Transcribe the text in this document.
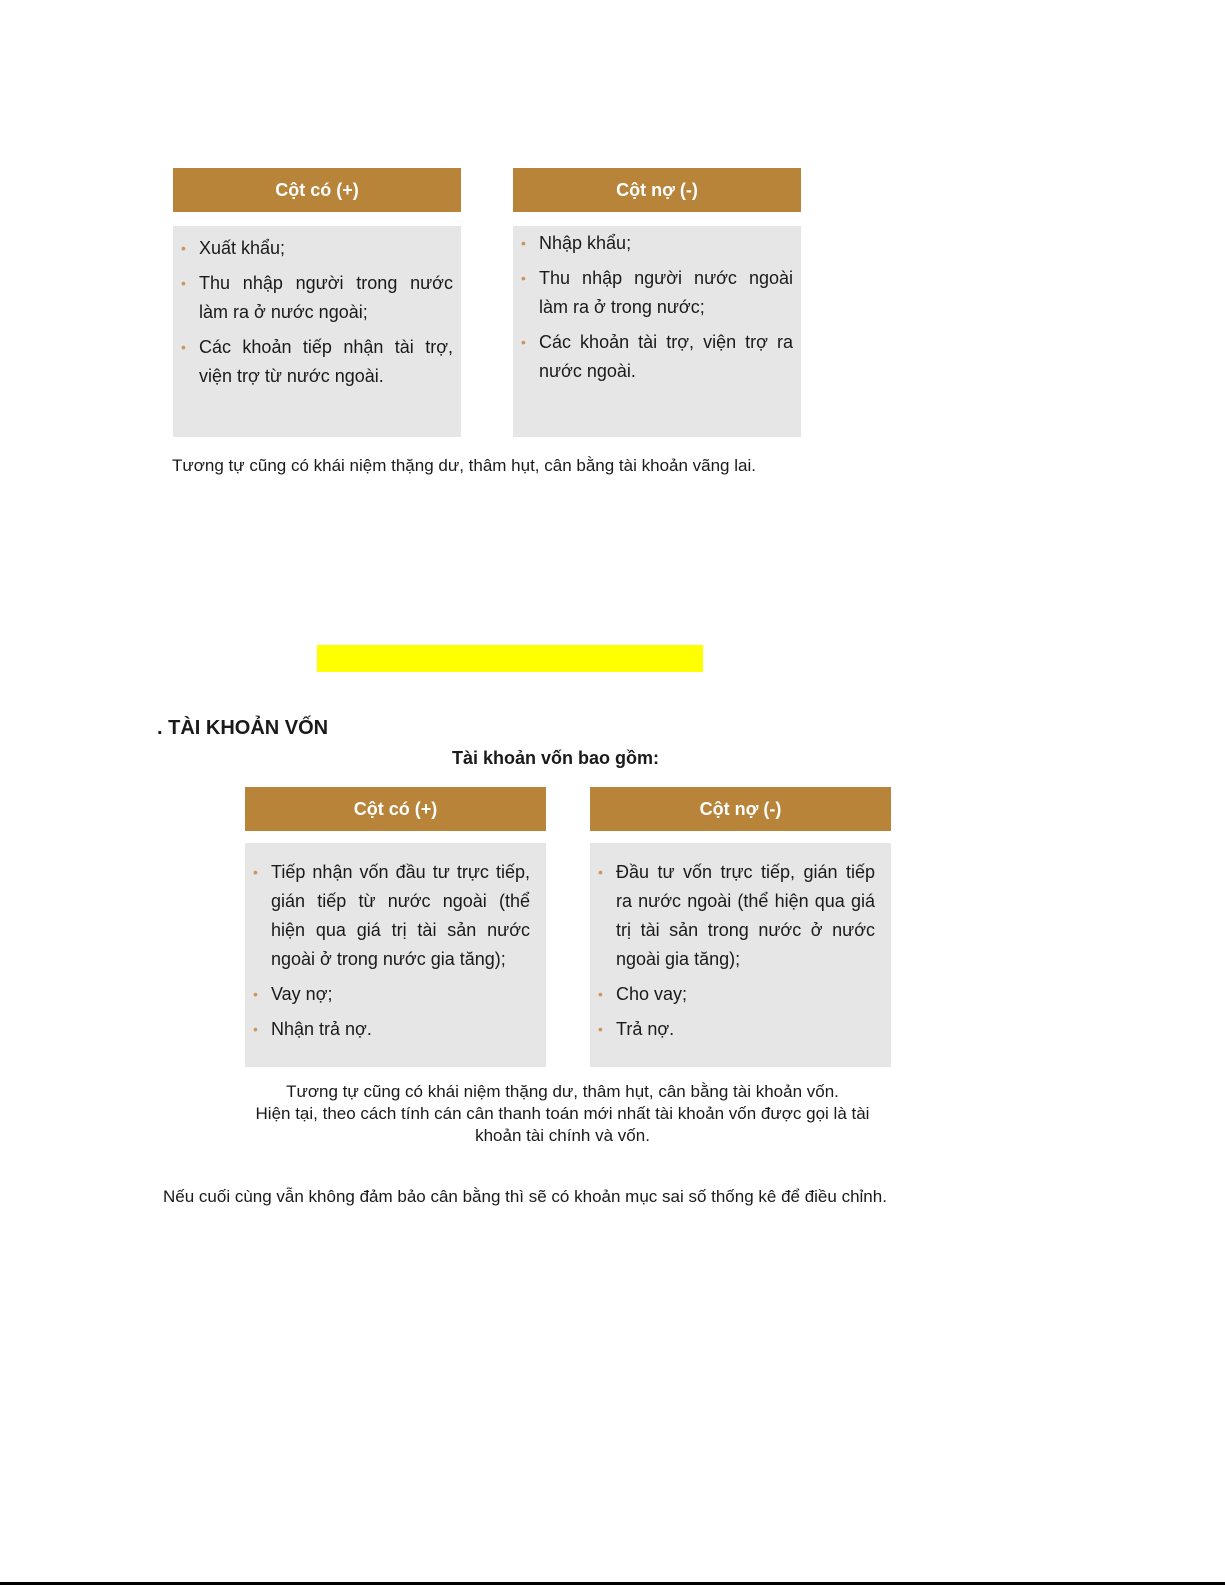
Cột có (+)
• Xuất khẩu;
• Thu nhập người trong nước làm ra ở nước ngoài;
• Các khoản tiếp nhận tài trợ, viện trợ từ nước ngoài.
Cột nợ (-)
• Nhập khẩu;
• Thu nhập người nước ngoài làm ra ở trong nước;
• Các khoản tài trợ, viện trợ ra nước ngoài.
Tương tự cũng có khái niệm thặng dư, thâm hụt, cân bằng tài khoản vãng lai.
. TÀI KHOẢN VỐN
Tài khoản vốn bao gồm:
Cột có (+)
• Tiếp nhận vốn đầu tư trực tiếp, gián tiếp từ nước ngoài (thể hiện qua giá trị tài sản nước ngoài ở trong nước gia tăng);
• Vay nợ;
• Nhận trả nợ.
Cột nợ (-)
• Đầu tư vốn trực tiếp, gián tiếp ra nước ngoài (thể hiện qua giá trị tài sản trong nước ở nước ngoài gia tăng);
• Cho vay;
• Trả nợ.
Tương tự cũng có khái niệm thặng dư, thâm hụt, cân bằng tài khoản vốn.
Hiện tại, theo cách tính cán cân thanh toán mới nhất tài khoản vốn được gọi là tài
khoản tài chính và vốn.
Nếu cuối cùng vẫn không đảm bảo cân bằng thì sẽ có khoản mục sai số thống kê để điều chỉnh.
